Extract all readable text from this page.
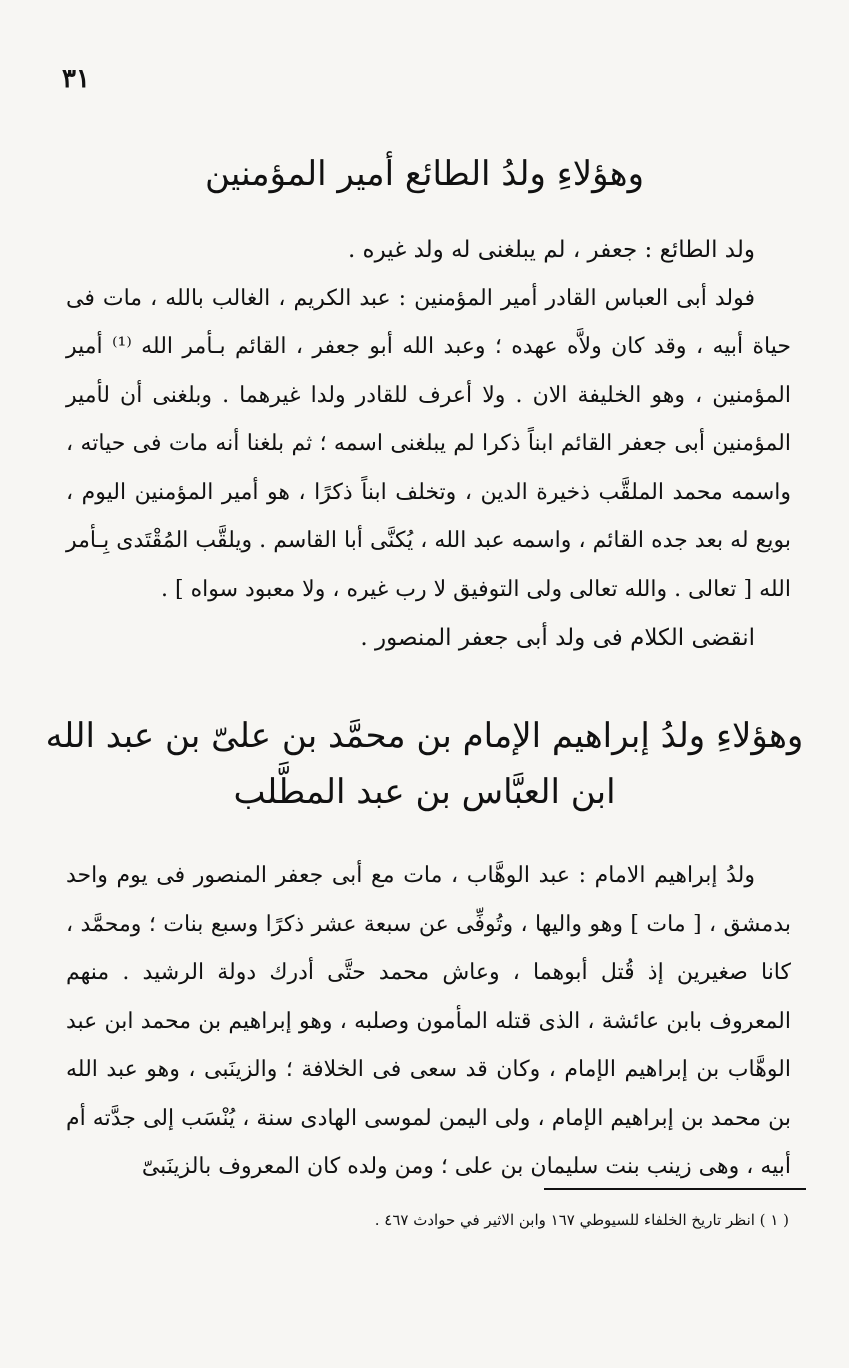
٣١
وهؤلاءِ ولدُ الطائع أمير المؤمنين

ولد الطائع : جعفر ، لم يبلغنى له ولد غيره .

فولد أبى العباس القادر أمير المؤمنين : عبد الكريم ، الغالب بالله ، مات فى حياة أبيه ، وقد كان ولاَّه عهده ؛ وعبد الله أبو جعفر ، القائم بـأمر الله ⁽¹⁾ أمير المؤمنين ، وهو الخليفة الان . ولا أعرف للقادر ولدا غيرهما . وبلغنى أن لأمير المؤمنين أبى جعفر القائم ابناً ذكرا لم يبلغنى اسمه ؛ ثم بلغنا أنه مات فى حياته ، واسمه محمد الملقَّب ذخيرة الدين ، وتخلف ابناً ذكرًا ، هو أمير المؤمنين اليوم ، بويع له بعد جده القائم ، واسمه عبد الله ، يُكنَّى أبا القاسم . ويلقَّب المُقْتَدى بِـأمر الله [ تعالى . والله تعالى ولى التوفيق لا رب غيره ، ولا معبود سواه ] .

انقضى الكلام فى ولد أبى جعفر المنصور .

وهؤلاءِ ولدُ إبراهيم الإمام بن محمَّد بن علىّ بن عبد الله
ابن العبَّاس بن عبد المطَّلب

ولدُ إبراهيم الامام : عبد الوهَّاب ، مات مع أبى جعفر المنصور فى يوم واحد بدمشق ، [ مات ] وهو واليها ، وتُوفِّى عن سبعة عشر ذكرًا وسبع بنات ؛ ومحمَّد ، كانا صغيرين إذ قُتل أبوهما ، وعاش محمد حتَّى أدرك دولة الرشيد . منهم المعروف بابن عائشة ، الذى قتله المأمون وصلبه ، وهو إبراهيم بن محمد ابن عبد الوهَّاب بن إبراهيم الإمام ، وكان قد سعى فى الخلافة ؛ والزينَبى ، وهو عبد الله بن محمد بن إبراهيم الإمام ، ولى اليمن لموسى الهادى سنة ، يُنْسَب إلى جدَّته أم أبيه ، وهى زينب بنت سليمان بن على ؛ ومن ولده كان المعروف بالزينَبىّ

( ١ ) انظر تاريخ الخلفاء للسيوطي ١٦٧ وابن الاثير في حوادث ٤٦٧ .
